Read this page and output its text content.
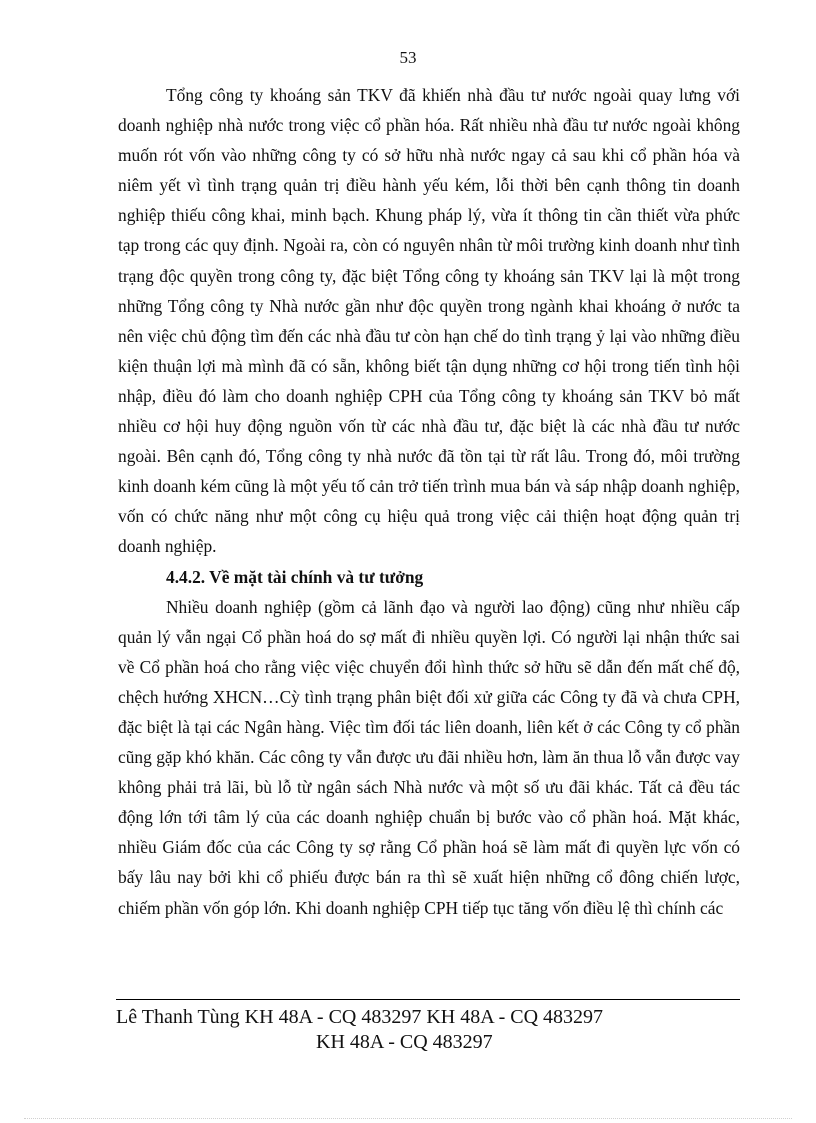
53

Tổng công ty khoáng sản TKV đã khiến nhà đầu tư nước ngoài quay lưng với doanh nghiệp nhà nước trong việc cổ phần hóa. Rất nhiều nhà đầu tư nước ngoài không muốn rót vốn vào những công ty có sở hữu nhà nước ngay cả sau khi cổ phần hóa và niêm yết vì tình trạng quản trị điều hành yếu kém, lỗi thời bên cạnh thông tin doanh nghiệp thiếu công khai, minh bạch. Khung pháp lý, vừa ít thông tin cần thiết vừa phức tạp trong các quy định. Ngoài ra, còn có nguyên nhân từ môi trường kinh doanh như tình trạng độc quyền trong công ty, đặc biệt Tổng công ty khoáng sản TKV lại là một trong những Tổng công ty Nhà nước gần như độc quyền trong ngành khai khoáng ở nước ta nên việc chủ động tìm đến các nhà đầu tư còn hạn chế do tình trạng ỷ lại vào những điều kiện thuận lợi mà mình đã có sẵn, không biết tận dụng những cơ hội trong tiến tình hội nhập, điều đó làm cho doanh nghiệp CPH của Tổng công ty khoáng sản TKV bỏ mất nhiều cơ hội huy động nguồn vốn từ các nhà đầu tư, đặc biệt là các nhà đầu tư nước ngoài. Bên cạnh đó, Tổng công ty nhà nước đã tồn tại từ rất lâu. Trong đó, môi trường kinh doanh kém cũng là một yếu tố cản trở tiến trình mua bán và sáp nhập doanh nghiệp, vốn có chức năng như một công cụ hiệu quả trong việc cải thiện hoạt động quản trị doanh nghiệp.

4.4.2. Về mặt tài chính và tư tưởng

Nhiều doanh nghiệp (gồm cả lãnh đạo và người lao động) cũng như nhiều cấp quản lý vẫn ngại Cổ phần hoá do sợ mất đi nhiều quyền lợi. Có người lại nhận thức sai về Cổ phần hoá cho rằng việc việc chuyển đổi hình thức sở hữu sẽ dẫn đến mất chế độ, chệch hướng XHCN…Cỳ tình trạng phân biệt đối xử giữa các Công ty đã và chưa CPH, đặc biệt là tại các Ngân hàng. Việc tìm đối tác liên doanh, liên kết ở các Công ty cổ phần cũng gặp khó khăn. Các công ty vẫn được ưu đãi nhiều hơn, làm ăn thua lỗ vẫn được vay không phải trả lãi, bù lỗ từ ngân sách Nhà nước và một số ưu đãi khác. Tất cả đều tác động lớn tới tâm lý của các doanh nghiệp chuẩn bị bước vào cổ phần hoá. Mặt khác, nhiều Giám đốc của các Công ty sợ rằng Cổ phần hoá sẽ làm mất đi quyền lực vốn có bấy lâu nay bởi khi cổ phiếu được bán ra thì sẽ xuất hiện những cổ đông chiến lược, chiếm phần vốn góp lớn. Khi doanh nghiệp CPH tiếp tục tăng vốn điều lệ thì chính các

Lê Thanh Tùng KH 48A - CQ 483297 KH 48A - CQ 483297
KH 48A - CQ 483297
